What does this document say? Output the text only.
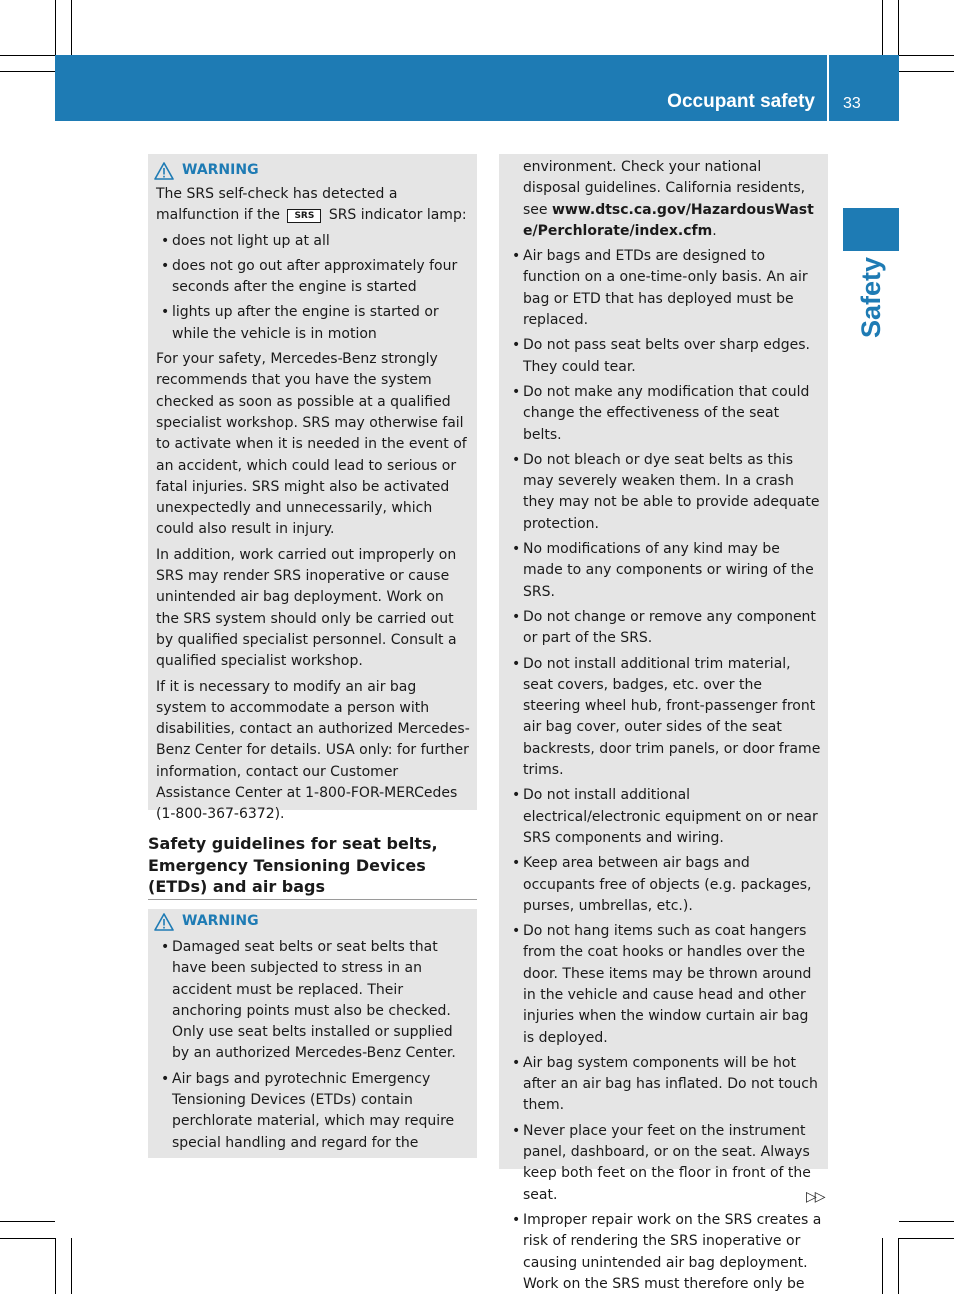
Occupant safety 33
Safety
WARNING

The SRS self-check has detected a malfunction if the SRS SRS indicator lamp:

• does not light up at all
• does not go out after approximately four seconds after the engine is started
• lights up after the engine is started or while the vehicle is in motion

For your safety, Mercedes-Benz strongly recommends that you have the system checked as soon as possible at a qualified specialist workshop. SRS may otherwise fail to activate when it is needed in the event of an accident, which could lead to serious or fatal injuries. SRS might also be activated unexpectedly and unnecessarily, which could also result in injury.

In addition, work carried out improperly on SRS may render SRS inoperative or cause unintended air bag deployment. Work on the SRS system should only be carried out by qualified specialist personnel. Consult a qualified specialist workshop.

If it is necessary to modify an air bag system to accommodate a person with disabilities, contact an authorized Mercedes-Benz Center for details. USA only: for further information, contact our Customer Assistance Center at 1-800-FOR-MERCedes (1-800-367-6372).

Safety guidelines for seat belts, Emergency Tensioning Devices (ETDs) and air bags
WARNING
• Damaged seat belts or seat belts that have been subjected to stress in an accident must be replaced. Their anchoring points must also be checked. Only use seat belts installed or supplied by an authorized Mercedes-Benz Center.
• Air bags and pyrotechnic Emergency Tensioning Devices (ETDs) contain perchlorate material, which may require special handling and regard for the

environment. Check your national disposal guidelines. California residents, see www.dtsc.ca.gov/HazardousWaste/Perchlorate/index.cfm.

• Air bags and ETDs are designed to function on a one-time-only basis. An air bag or ETD that has deployed must be replaced.
• Do not pass seat belts over sharp edges. They could tear.
• Do not make any modification that could change the effectiveness of the seat belts.
• Do not bleach or dye seat belts as this may severely weaken them. In a crash they may not be able to provide adequate protection.
• No modifications of any kind may be made to any components or wiring of the SRS.
• Do not change or remove any component or part of the SRS.
• Do not install additional trim material, seat covers, badges, etc. over the steering wheel hub, front-passenger front air bag cover, outer sides of the seat backrests, door trim panels, or door frame trims.
• Do not install additional electrical/electronic equipment on or near SRS components and wiring.
• Keep area between air bags and occupants free of objects (e.g. packages, purses, umbrellas, etc.).
• Do not hang items such as coat hangers from the coat hooks or handles over the door. These items may be thrown around in the vehicle and cause head and other injuries when the window curtain air bag is deployed.
• Air bag system components will be hot after an air bag has inflated. Do not touch them.
• Never place your feet on the instrument panel, dashboard, or on the seat. Always keep both feet on the floor in front of the seat.
• Improper repair work on the SRS creates a risk of rendering the SRS inoperative or causing unintended air bag deployment. Work on the SRS must therefore only be
▷▷
